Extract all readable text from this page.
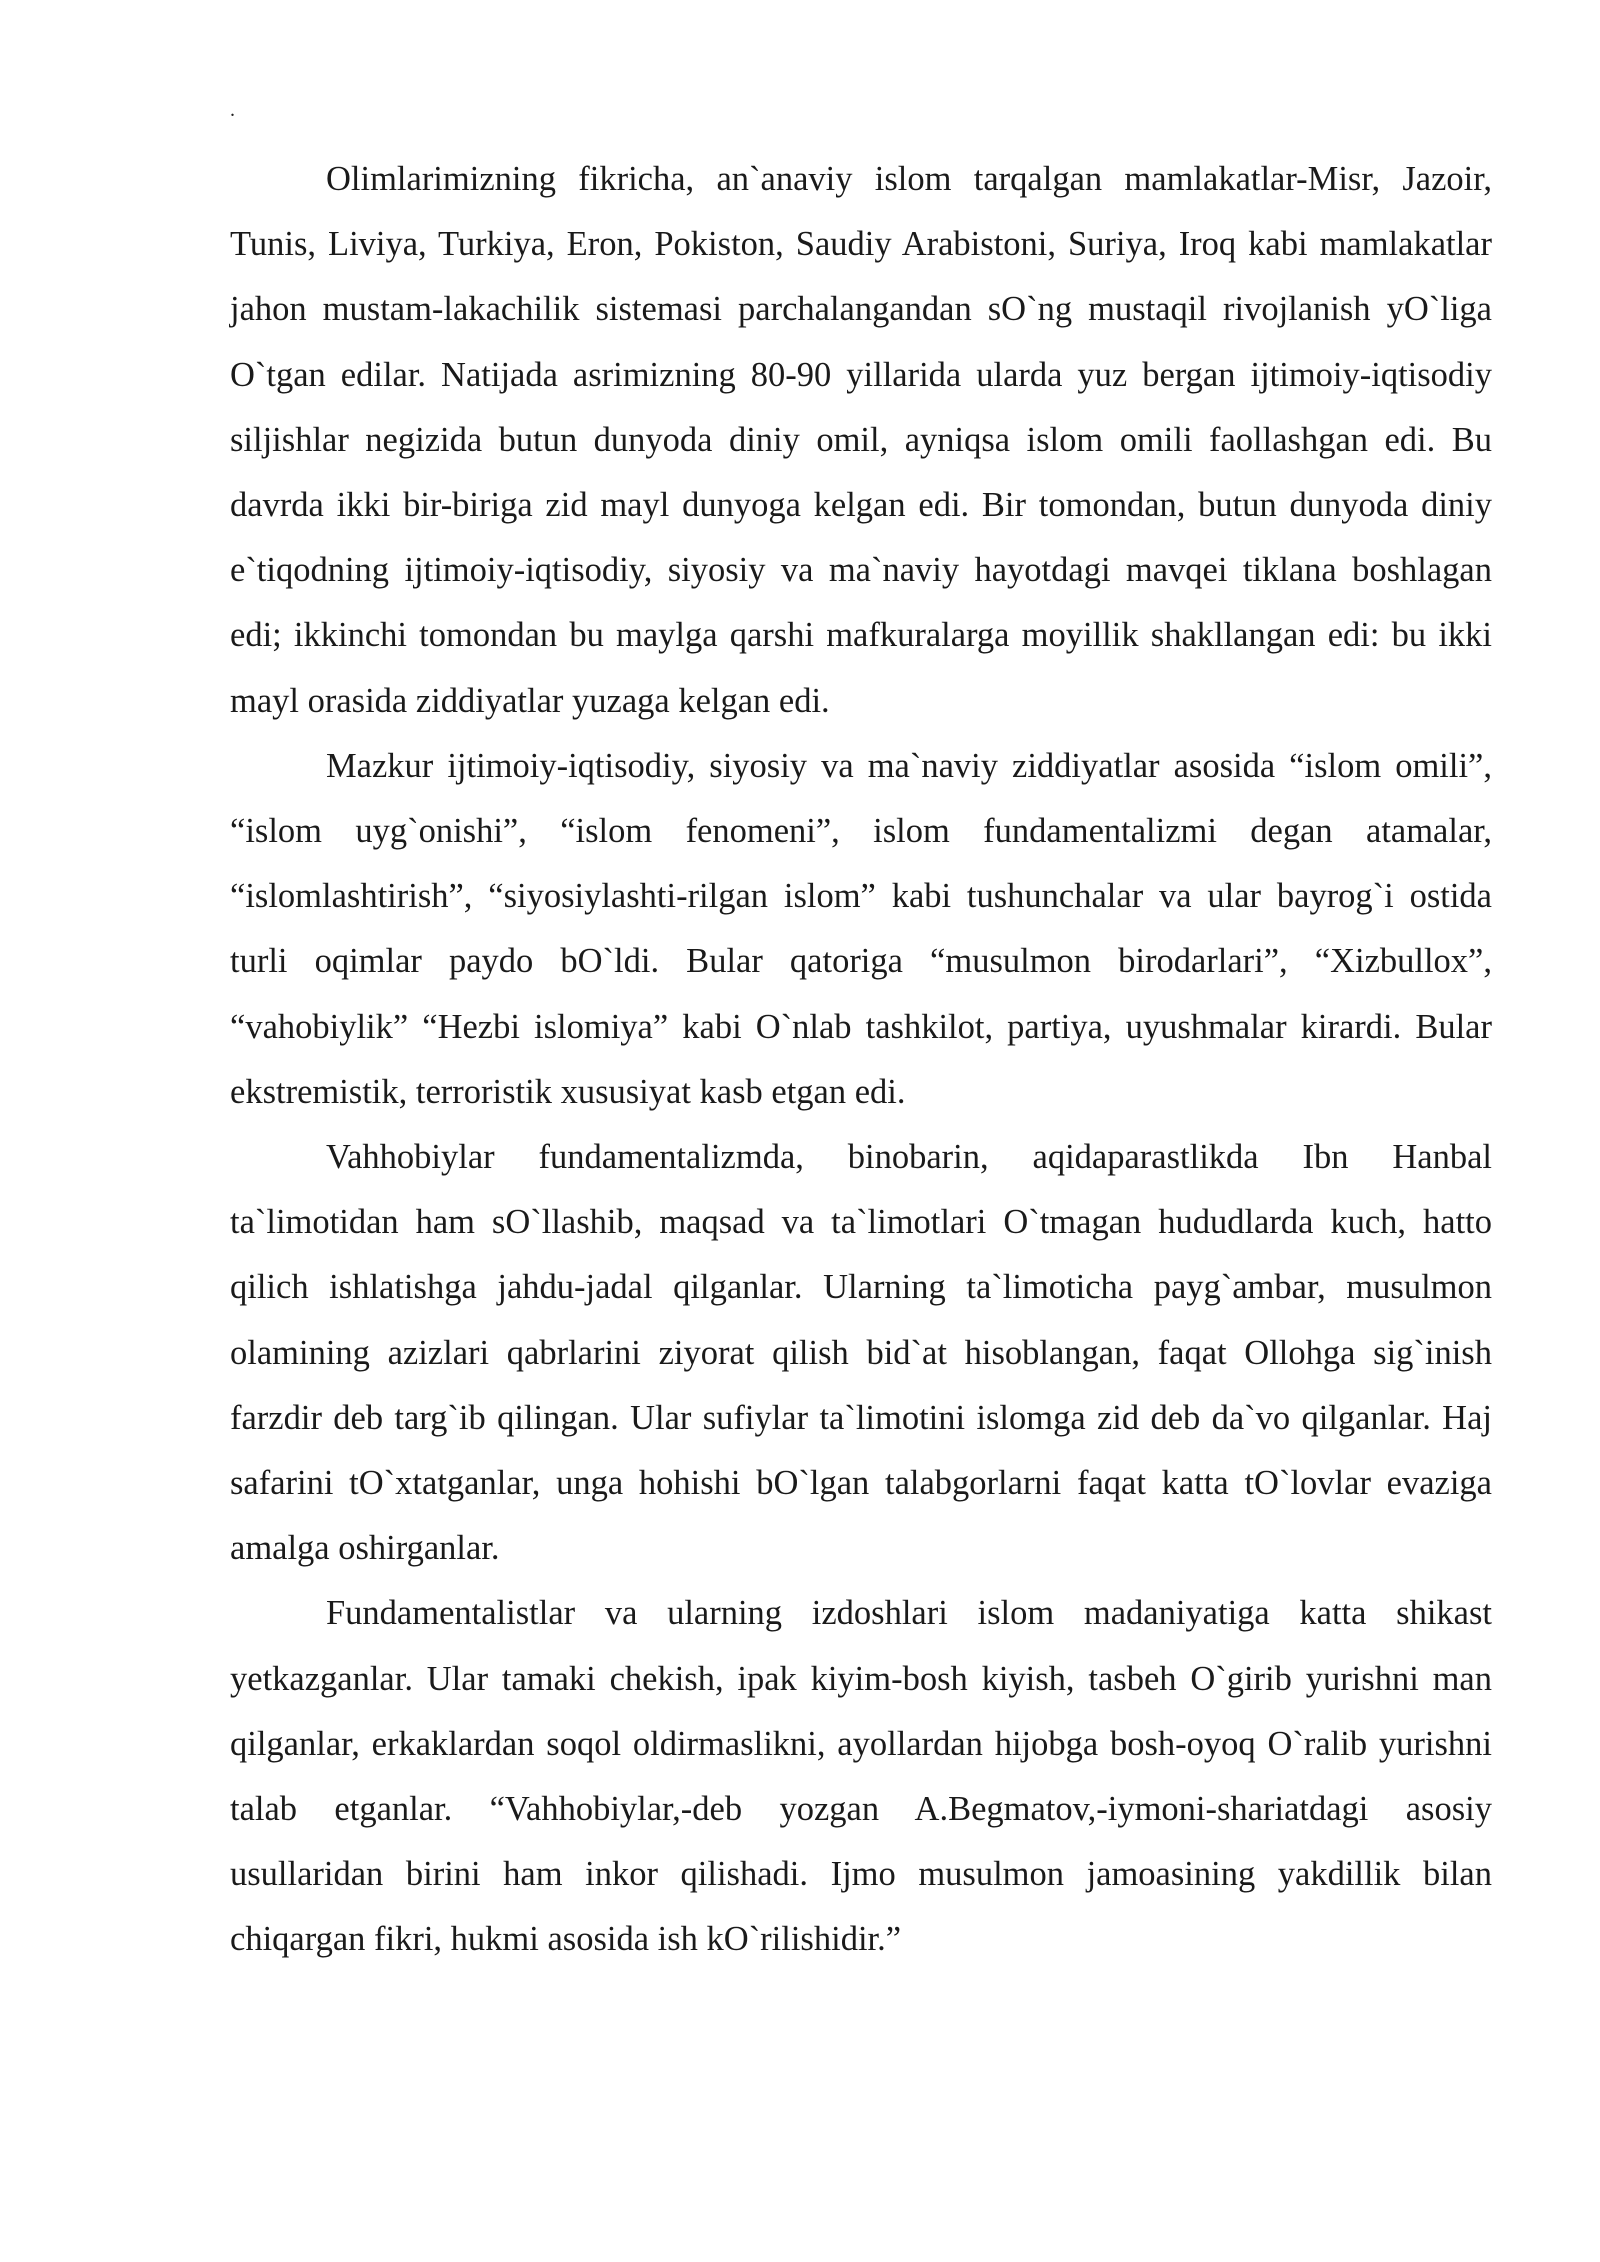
.

Olimlarimizning fikricha, an`anaviy islom tarqalgan mamlakatlar-Misr, Jazoir, Tunis, Liviya, Turkiya, Eron, Pokiston, Saudiy Arabistoni, Suriya, Iroq kabi mamlakatlar jahon mustam-lakachilik sistemasi parchalangandan sO`ng mustaqil rivojlanish yO`liga O`tgan edilar. Natijada asrimizning 80-90 yillarida ularda yuz bergan ijtimoiy-iqtisodiy siljishlar negizida butun dunyoda diniy omil, ayniqsa islom omili faollashgan edi. Bu davrda ikki bir-biriga zid mayl dunyoga kelgan edi. Bir tomondan, butun dunyoda diniy e`tiqodning ijtimoiy-iqtisodiy, siyosiy va ma`naviy hayotdagi mavqei tiklana boshlagan edi; ikkinchi tomondan bu maylga qarshi mafkuralarga moyillik shakllangan edi: bu ikki mayl orasida ziddiyatlar yuzaga kelgan edi.

Mazkur ijtimoiy-iqtisodiy, siyosiy va ma`naviy ziddiyatlar asosida “islom omili”, “islom uyg`onishi”, “islom fenomeni”, islom fundamentalizmi degan atamalar, “islomlashtirish”, “siyosiylashti-rilgan islom” kabi tushunchalar va ular bayrog`i ostida turli oqimlar paydo bO`ldi. Bular qatoriga “musulmon birodarlari”, “Xizbullox”, “vahobiylik” “Hezbi islomiya” kabi O`nlab tashkilot, partiya, uyushmalar kirardi. Bular ekstremistik, terroristik xususiyat kasb etgan edi.

Vahhobiylar fundamentalizmda, binobarin, aqidaparastlikda Ibn Hanbal ta`limotidan ham sO`llashib, maqsad va ta`limotlari O`tmagan hududlarda kuch, hatto qilich ishlatishga jahdu-jadal qilganlar. Ularning ta`limoticha payg`ambar, musulmon olamining azizlari qabrlarini ziyorat qilish bid`at hisoblangan, faqat Ollohga sig`inish farzdir deb targ`ib qilingan. Ular sufiylar ta`limotini islomga zid deb da`vo qilganlar. Haj safarini tO`xtatganlar, unga hohishi bO`lgan talabgorlarni faqat katta tO`lovlar evaziga amalga oshirganlar.

Fundamentalistlar va ularning izdoshlari islom madaniyatiga katta shikast yetkazganlar. Ular tamaki chekish, ipak kiyim-bosh kiyish, tasbeh O`girib yurishni man qilganlar, erkaklardan soqol oldirmaslikni, ayollardan hijobga bosh-oyoq O`ralib yurishni talab etganlar. “Vahhobiylar,-deb yozgan A.Begmatov,-iymoni-shariatdagi asosiy usullaridan birini ham inkor qilishadi. Ijmo musulmon jamoasining yakdillik bilan chiqargan fikri, hukmi asosida ish kO`rilishidir.”
